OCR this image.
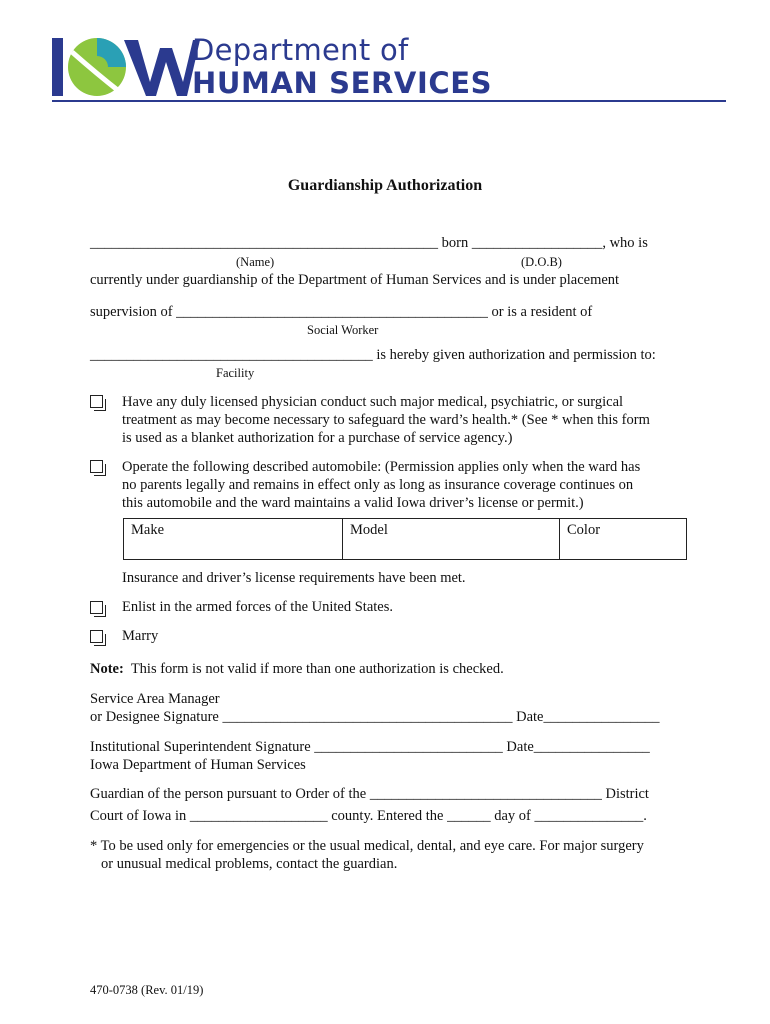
Department of
HUMAN SERVICES
Guardianship Authorization
________________________________________________ born __________________, who is
(Name)	(D.O.B)
currently under guardianship of the Department of Human Services and is under placement
supervision of ___________________________________________ or is a resident of
Social Worker
_______________________________________ is hereby given authorization and permission to:
Facility
Have any duly licensed physician conduct such major medical, psychiatric, or surgical
treatment as may become necessary to safeguard the ward’s health.* (See * when this form
is used as a blanket authorization for a purchase of service agency.)
Operate the following described automobile: (Permission applies only when the ward has
no parents legally and remains in effect only as long as insurance coverage continues on
this automobile and the ward maintains a valid Iowa driver’s license or permit.)
Make	Model	Color
Insurance and driver’s license requirements have been met.
Enlist in the armed forces of the United States.
Marry
Note:  This form is not valid if more than one authorization is checked.
Service Area Manager
or Designee Signature ________________________________________ Date________________
Institutional Superintendent Signature __________________________ Date________________
Iowa Department of Human Services
Guardian of the person pursuant to Order of the ________________________________ District
Court of Iowa in ___________________ county. Entered the ______ day of _______________.
* To be used only for emergencies or the usual medical, dental, and eye care. For major surgery
or unusual medical problems, contact the guardian.
470-0738 (Rev. 01/19)
